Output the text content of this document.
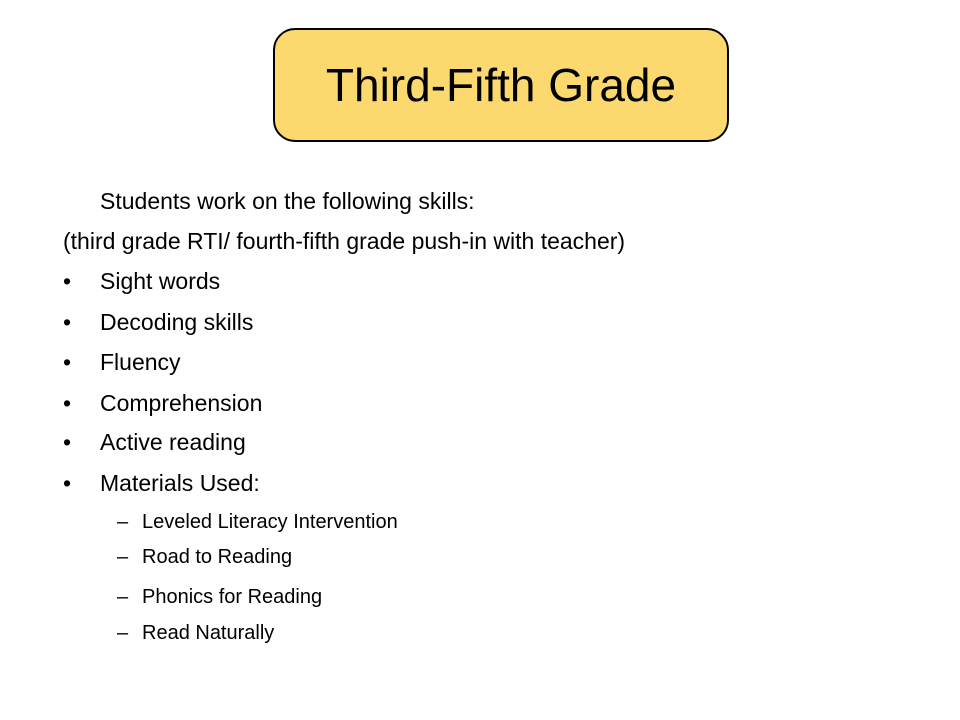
Third-Fifth Grade
Students work on the following skills:
(third grade RTI/ fourth-fifth grade push-in with teacher)
• Sight words
• Decoding skills
• Fluency
• Comprehension
• Active reading
• Materials Used:
– Leveled Literacy Intervention
– Road to Reading
– Phonics for Reading
– Read Naturally
